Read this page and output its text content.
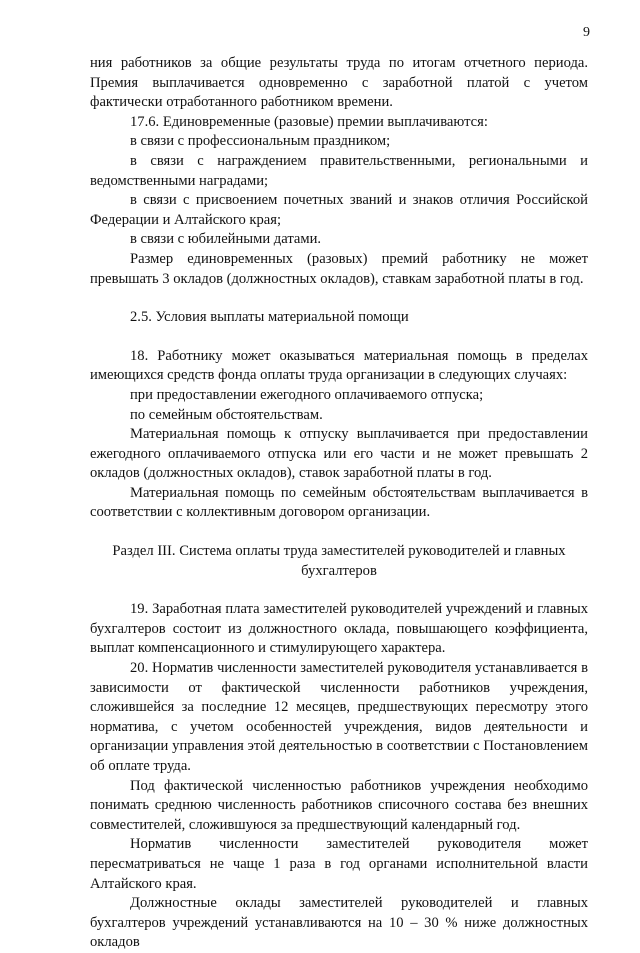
9

ния работников за общие результаты труда по итогам отчетного периода. Премия выплачивается одновременно с заработной платой с учетом фактически отработанного работником времени.

17.6. Единовременные (разовые) премии выплачиваются:

в связи с профессиональным праздником;

в связи с награждением правительственными, региональными и ведомственными наградами;

в связи с присвоением почетных званий и знаков отличия Российской Федерации и Алтайского края;

в связи с юбилейными датами.

Размер единовременных (разовых) премий работнику не может превышать 3 окладов (должностных окладов), ставкам заработной платы в год.

2.5. Условия выплаты материальной помощи

18. Работнику может оказываться материальная помощь в пределах имеющихся средств фонда оплаты труда организации в следующих случаях:

при предоставлении ежегодного оплачиваемого отпуска;

по семейным обстоятельствам.

Материальная помощь к отпуску выплачивается при предоставлении ежегодного оплачиваемого отпуска или его части и не может превышать 2 окладов (должностных окладов), ставок заработной платы в год.

Материальная помощь по семейным обстоятельствам выплачивается в соответствии с коллективным договором организации.

Раздел III. Система оплаты труда заместителей руководителей и главных бухгалтеров

19. Заработная плата заместителей руководителей учреждений и главных бухгалтеров состоит из должностного оклада, повышающего коэффициента, выплат компенсационного и стимулирующего характера.

20. Норматив численности заместителей руководителя устанавливается в зависимости от фактической численности работников учреждения, сложившейся за последние 12 месяцев, предшествующих пересмотру этого норматива, с учетом особенностей учреждения, видов деятельности и организации управления этой деятельностью в соответствии с Постановлением об оплате труда.

Под фактической численностью работников учреждения необходимо понимать среднюю численность работников списочного состава без внешних совместителей, сложившуюся за предшествующий календарный год.

Норматив численности заместителей руководителя может пересматриваться не чаще 1 раза в год органами исполнительной власти Алтайского края.

Должностные оклады заместителей руководителей и главных бухгалтеров учреждений устанавливаются на 10 – 30 % ниже должностных окладов
